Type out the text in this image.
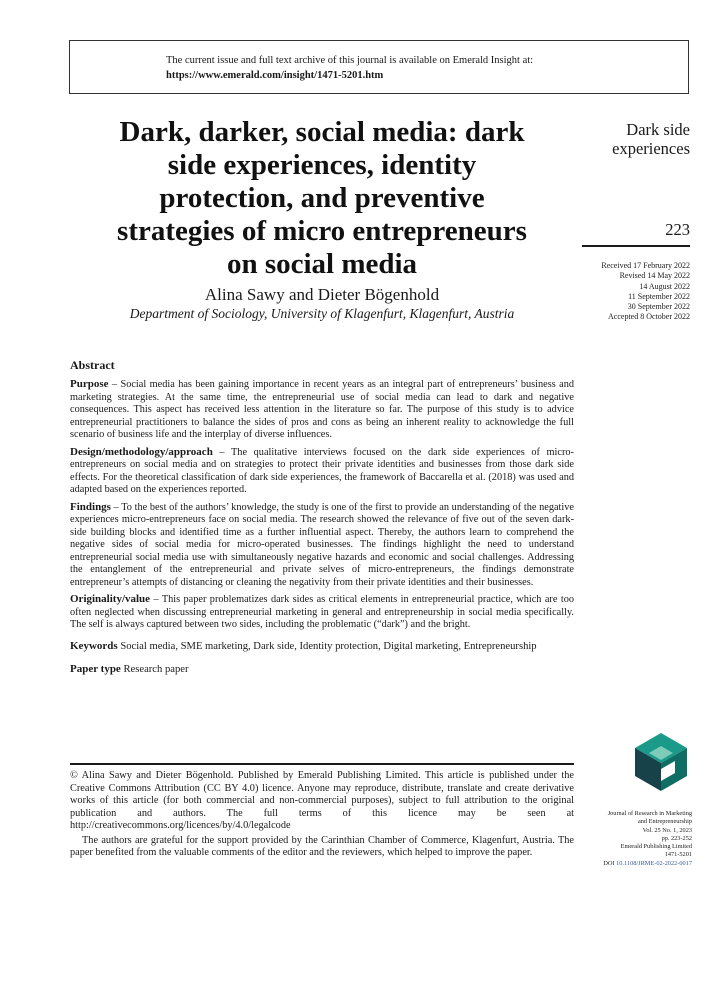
The current issue and full text archive of this journal is available on Emerald Insight at:
https://www.emerald.com/insight/1471-5201.htm
Dark, darker, social media: dark
side experiences, identity
protection, and preventive
strategies of micro entrepreneurs
on social media
Alina Sawy and Dieter Bögenhold
Department of Sociology, University of Klagenfurt, Klagenfurt, Austria
Dark side
experiences
223
Received 17 February 2022
Revised 14 May 2022
14 August 2022
11 September 2022
30 September 2022
Accepted 8 October 2022
Abstract

Purpose – Social media has been gaining importance in recent years as an integral part of entrepreneurs’ business and marketing strategies. At the same time, the entrepreneurial use of social media can lead to dark and negative consequences. This aspect has received less attention in the literature so far. The purpose of this study is to advice entrepreneurial practitioners to balance the sides of pros and cons as being an inherent reality to acknowledge the full scenario of business life and the interplay of diverse influences.

Design/methodology/approach – The qualitative interviews focused on the dark side experiences of micro-entrepreneurs on social media and on strategies to protect their private identities and businesses from those dark side effects. For the theoretical classification of dark side experiences, the framework of Baccarella et al. (2018) was used and adapted based on the experiences reported.

Findings – To the best of the authors’ knowledge, the study is one of the first to provide an understanding of the negative experiences micro-entrepreneurs face on social media. The research showed the relevance of five out of the seven dark-side building blocks and identified time as a further influential aspect. Thereby, the authors learn to comprehend the negative sides of social media for micro-operated businesses. The findings highlight the need to understand entrepreneurial social media use with simultaneously negative hazards and economic and social challenges. Addressing the entanglement of the entrepreneurial and private selves of micro-entrepreneurs, the findings demonstrate entrepreneur’s attempts of distancing or cleaning the negativity from their private identities and their businesses.

Originality/value – This paper problematizes dark sides as critical elements in entrepreneurial practice, which are too often neglected when discussing entrepreneurial marketing in general and entrepreneurship in social media specifically. The self is always captured between two sides, including the problematic (“dark”) and the bright.

Keywords Social media, SME marketing, Dark side, Identity protection, Digital marketing, Entrepreneurship
Paper type Research paper

© Alina Sawy and Dieter Bögenhold. Published by Emerald Publishing Limited. This article is published under the Creative Commons Attribution (CC BY 4.0) licence. Anyone may reproduce, distribute, translate and create derivative works of this article (for both commercial and non-commercial purposes), subject to full attribution to the original publication and authors. The full terms of this licence may be seen at http://creativecommons.org/licences/by/4.0/legalcode

The authors are grateful for the support provided by the Carinthian Chamber of Commerce, Klagenfurt, Austria. The paper benefited from the valuable comments of the editor and the reviewers, which helped to improve the paper.

Journal of Research in Marketing
and Entrepreneurship
Vol. 25 No. 1, 2023
pp. 223-252
Emerald Publishing Limited
1471-5201
DOI 10.1108/JRME-02-2022-0017
